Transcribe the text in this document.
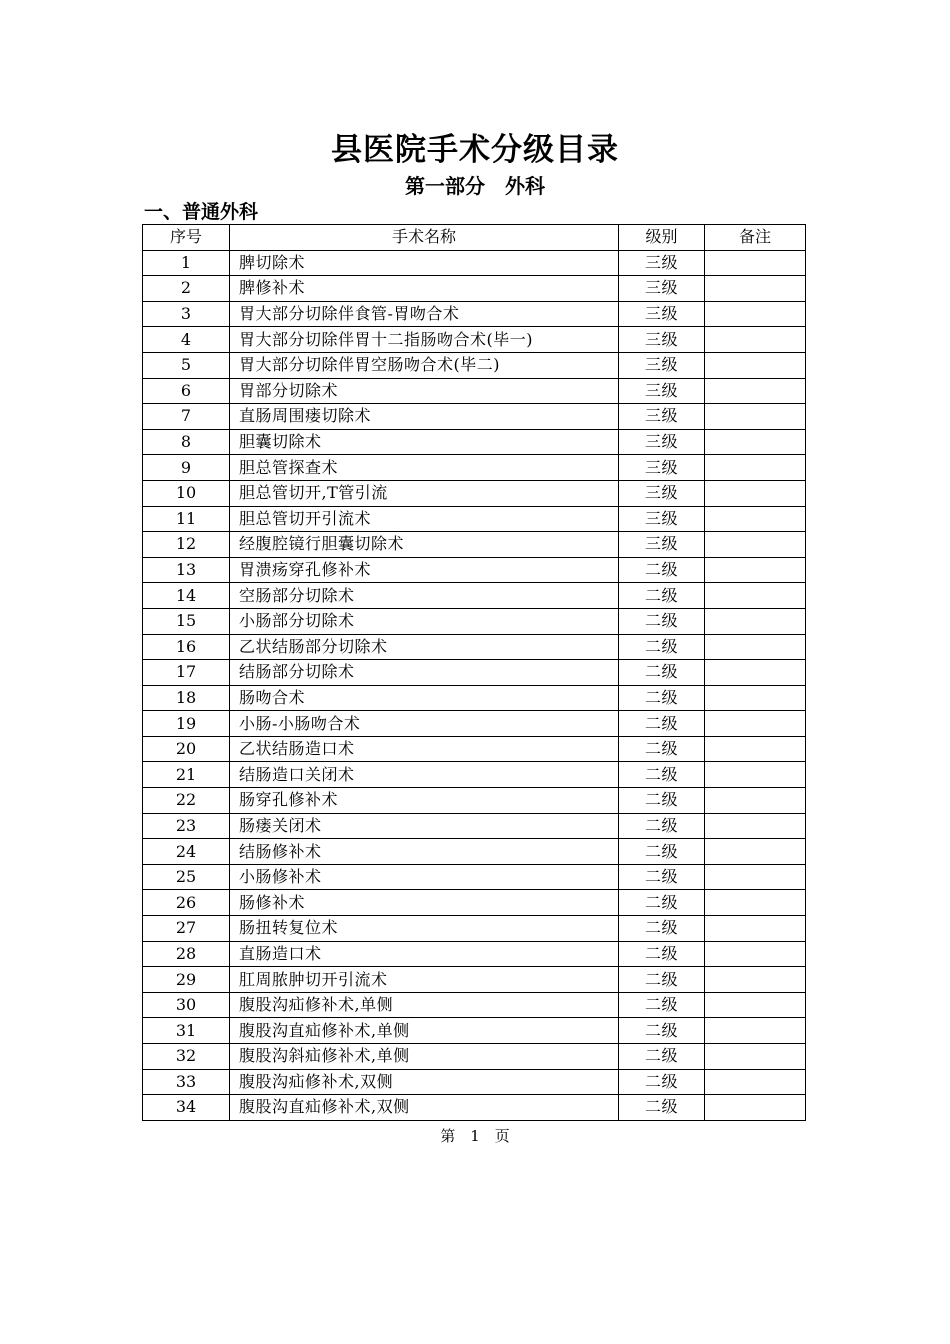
县医院手术分级目录
第一部分　外科
一、普通外科
序号	手术名称	级别	备注
1	脾切除术	三级	
2	脾修补术	三级	
3	胃大部分切除伴食管-胃吻合术	三级	
4	胃大部分切除伴胃十二指肠吻合术(毕一)	三级	
5	胃大部分切除伴胃空肠吻合术(毕二)	三级	
6	胃部分切除术	三级	
7	直肠周围瘘切除术	三级	
8	胆囊切除术	三级	
9	胆总管探查术	三级	
10	胆总管切开,T管引流	三级	
11	胆总管切开引流术	三级	
12	经腹腔镜行胆囊切除术	三级	
13	胃溃疡穿孔修补术	二级	
14	空肠部分切除术	二级	
15	小肠部分切除术	二级	
16	乙状结肠部分切除术	二级	
17	结肠部分切除术	二级	
18	肠吻合术	二级	
19	小肠-小肠吻合术	二级	
20	乙状结肠造口术	二级	
21	结肠造口关闭术	二级	
22	肠穿孔修补术	二级	
23	肠瘘关闭术	二级	
24	结肠修补术	二级	
25	小肠修补术	二级	
26	肠修补术	二级	
27	肠扭转复位术	二级	
28	直肠造口术	二级	
29	肛周脓肿切开引流术	二级	
30	腹股沟疝修补术,单侧	二级	
31	腹股沟直疝修补术,单侧	二级	
32	腹股沟斜疝修补术,单侧	二级	
33	腹股沟疝修补术,双侧	二级	
34	腹股沟直疝修补术,双侧	二级	
第　1　页
